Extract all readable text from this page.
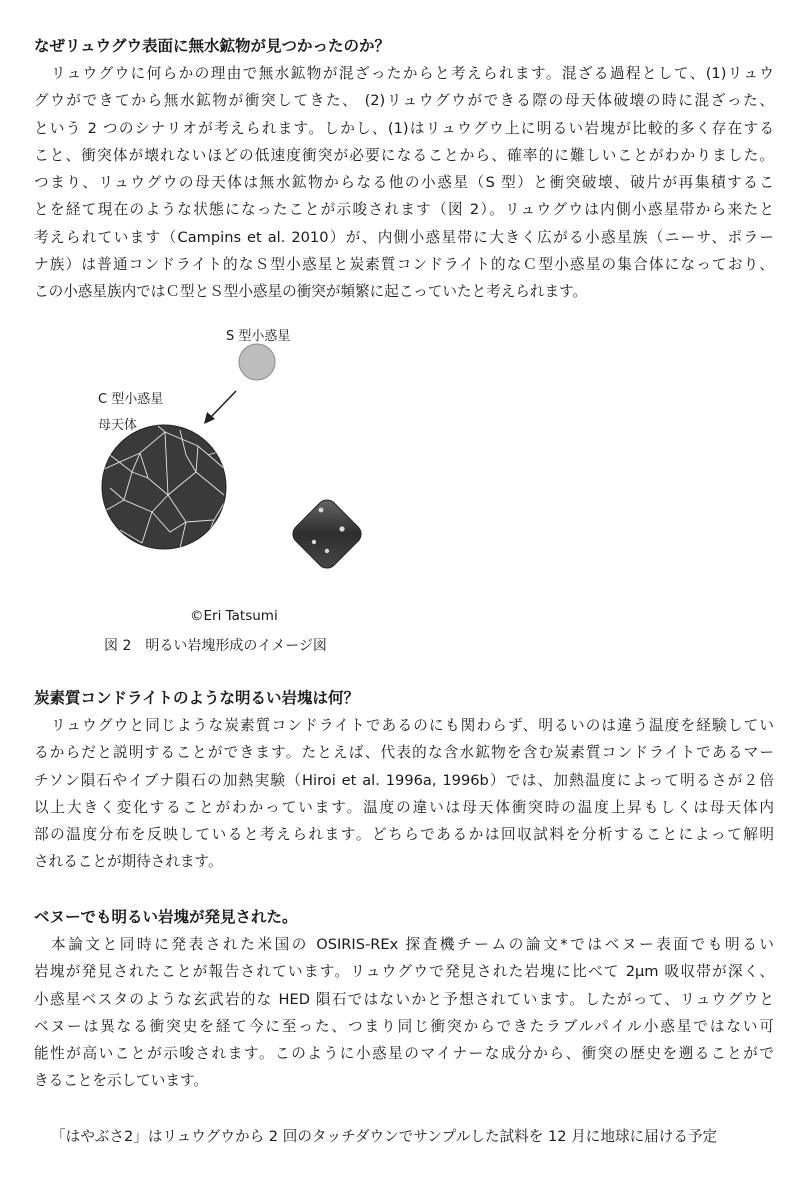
なぜリュウグウ表面に無水鉱物が見つかったのか？
リュウグウに何らかの理由で無水鉱物が混ざったからと考えられます。混ざる過程として、(1)リュウ
グウができてから無水鉱物が衝突してきた、 (2)リュウグウができる際の母天体破壊の時に混ざった、
という 2 つのシナリオが考えられます。しかし、(1)はリュウグウ上に明るい岩塊が比較的多く存在する
こと、衝突体が壊れないほどの低速度衝突が必要になることから、確率的に難しいことがわかりました。
つまり、リュウグウの母天体は無水鉱物からなる他の小惑星（S 型）と衝突破壊、破片が再集積するこ
とを経て現在のような状態になったことが示唆されます（図 2）。リュウグウは内側小惑星帯から来たと
考えられています（Campins et al. 2010）が、内側小惑星帯に大きく広がる小惑星族（ニーサ、ポラー
ナ族）は普通コンドライト的なＳ型小惑星と炭素質コンドライト的なＣ型小惑星の集合体になっており、
この小惑星族内ではＣ型とＳ型小惑星の衝突が頻繁に起こっていたと考えられます。
S 型小惑星
C 型小惑星
母天体
©Eri Tatsumi
図 2　明るい岩塊形成のイメージ図
炭素質コンドライトのような明るい岩塊は何？
リュウグウと同じような炭素質コンドライトであるのにも関わらず、明るいのは違う温度を経験してい
るからだと説明することができます。たとえば、代表的な含水鉱物を含む炭素質コンドライトであるマー
チソン隕石やイブナ隕石の加熱実験（Hiroi et al. 1996a, 1996b）では、加熱温度によって明るさが２倍
以上大きく変化することがわかっています。温度の違いは母天体衝突時の温度上昇もしくは母天体内
部の温度分布を反映していると考えられます。どちらであるかは回収試料を分析することによって解明
されることが期待されます。
ベヌーでも明るい岩塊が発見された。
本論文と同時に発表された米国の OSIRIS-REx 探査機チームの論文*ではベヌー表面でも明るい
岩塊が発見されたことが報告されています。リュウグウで発見された岩塊に比べて 2μm 吸収帯が深く、
小惑星ベスタのような玄武岩的な HED 隕石ではないかと予想されています。したがって、リュウグウと
ベヌーは異なる衝突史を経て今に至った、つまり同じ衝突からできたラブルパイル小惑星ではない可
能性が高いことが示唆されます。このように小惑星のマイナーな成分から、衝突の歴史を遡ることがで
きることを示しています。
「はやぶさ2」はリュウグウから 2 回のタッチダウンでサンプルした試料を 12 月に地球に届ける予定
